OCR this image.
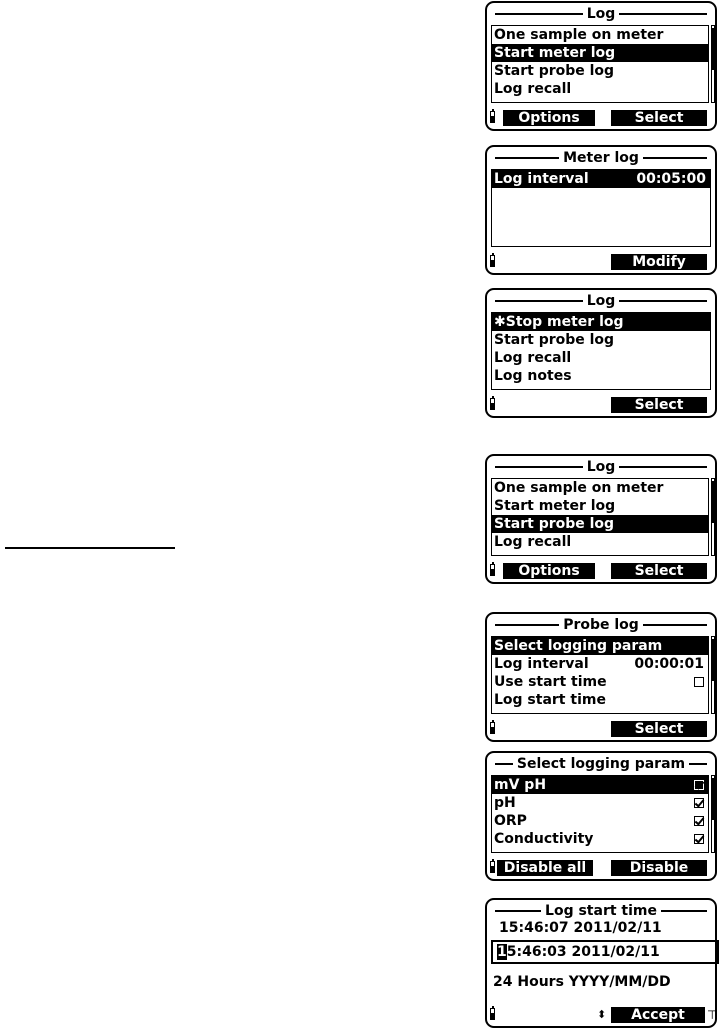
Log
One sample on meter
Start meter log
Start probe log
Log recall
Options	Select
Meter log
Log interval	00:05:00
Modify
Log
✱Stop meter log
Start probe log
Log recall
Log notes
Select
Log
One sample on meter
Start meter log
Start probe log
Log recall
Options	Select
Probe log
Select logging param
Log interval	00:00:01
Use start time
Log start time
Select
Select logging param
mV pH
pH
ORP
Conductivity
Disable all	Disable
Log start time
15:46:07 2011/02/11
15:46:03 2011/02/11
24 Hours YYYY/MM/DD
⬍	Accept	⊤
